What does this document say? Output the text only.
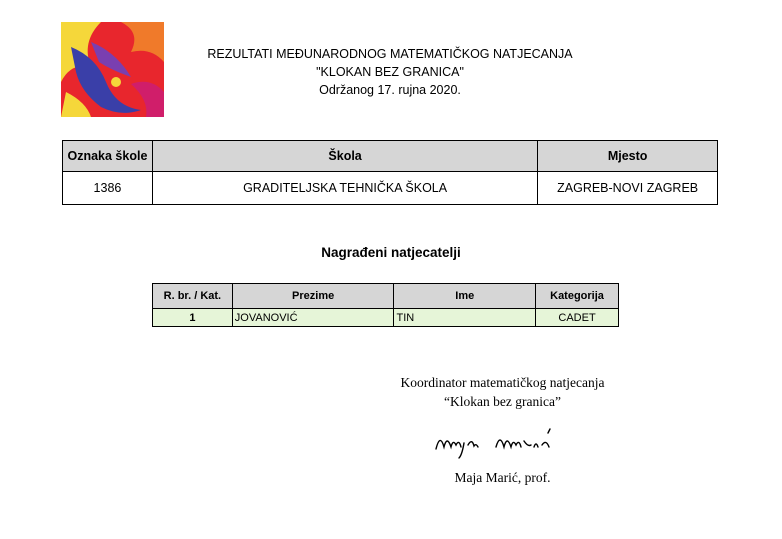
REZULTATI MEĐUNARODNOG MATEMATIČKOG NATJECANJA
"KLOKAN BEZ GRANICA"
Održanog 17. rujna 2020.
Oznaka škole	Škola	Mjesto
1386	GRADITELJSKA TEHNIČKA ŠKOLA	ZAGREB-NOVI ZAGREB
Nagrađeni natjecatelji
R. br. / Kat.	Prezime	Ime	Kategorija
1	JOVANOVIĆ	TIN	CADET
Koordinator matematičkog natjecanja
“Klokan bez granica”
Maja Marić, prof.
